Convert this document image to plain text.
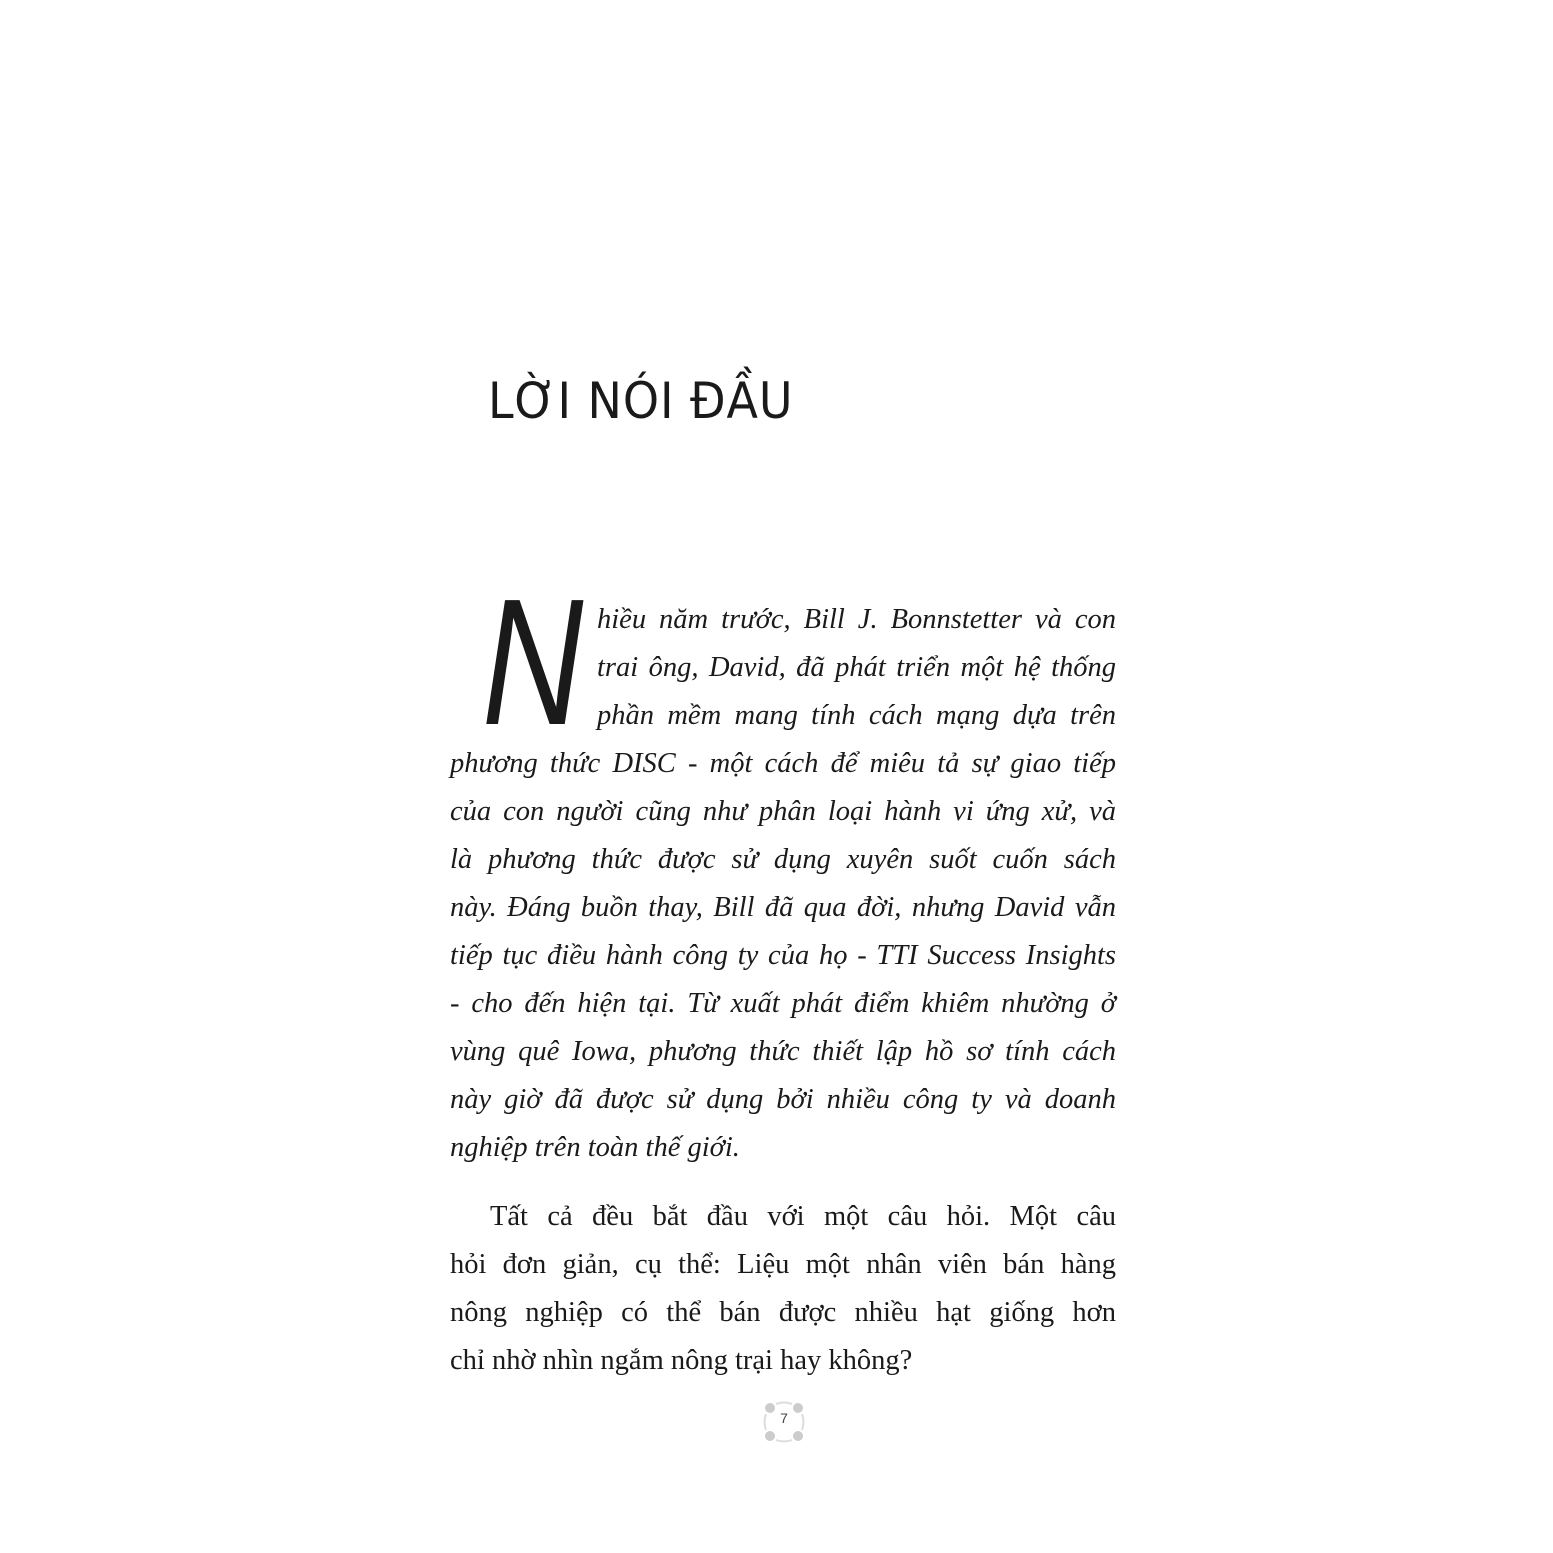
LỜI NÓI ĐẦU
N hiều năm trước, Bill J. Bonnstetter và con
trai ông, David, đã phát triển một hệ thống
phần mềm mang tính cách mạng dựa trên
phương thức DISC - một cách để miêu tả sự giao tiếp
của con người cũng như phân loại hành vi ứng xử, và
là phương thức được sử dụng xuyên suốt cuốn sách
này. Đáng buồn thay, Bill đã qua đời, nhưng David vẫn
tiếp tục điều hành công ty của họ - TTI Success Insights
- cho đến hiện tại. Từ xuất phát điểm khiêm nhường ở
vùng quê Iowa, phương thức thiết lập hồ sơ tính cách
này giờ đã được sử dụng bởi nhiều công ty và doanh
nghiệp trên toàn thế giới.
Tất cả đều bắt đầu với một câu hỏi. Một câu
hỏi đơn giản, cụ thể: Liệu một nhân viên bán hàng
nông nghiệp có thể bán được nhiều hạt giống hơn
chỉ nhờ nhìn ngắm nông trại hay không?
7
